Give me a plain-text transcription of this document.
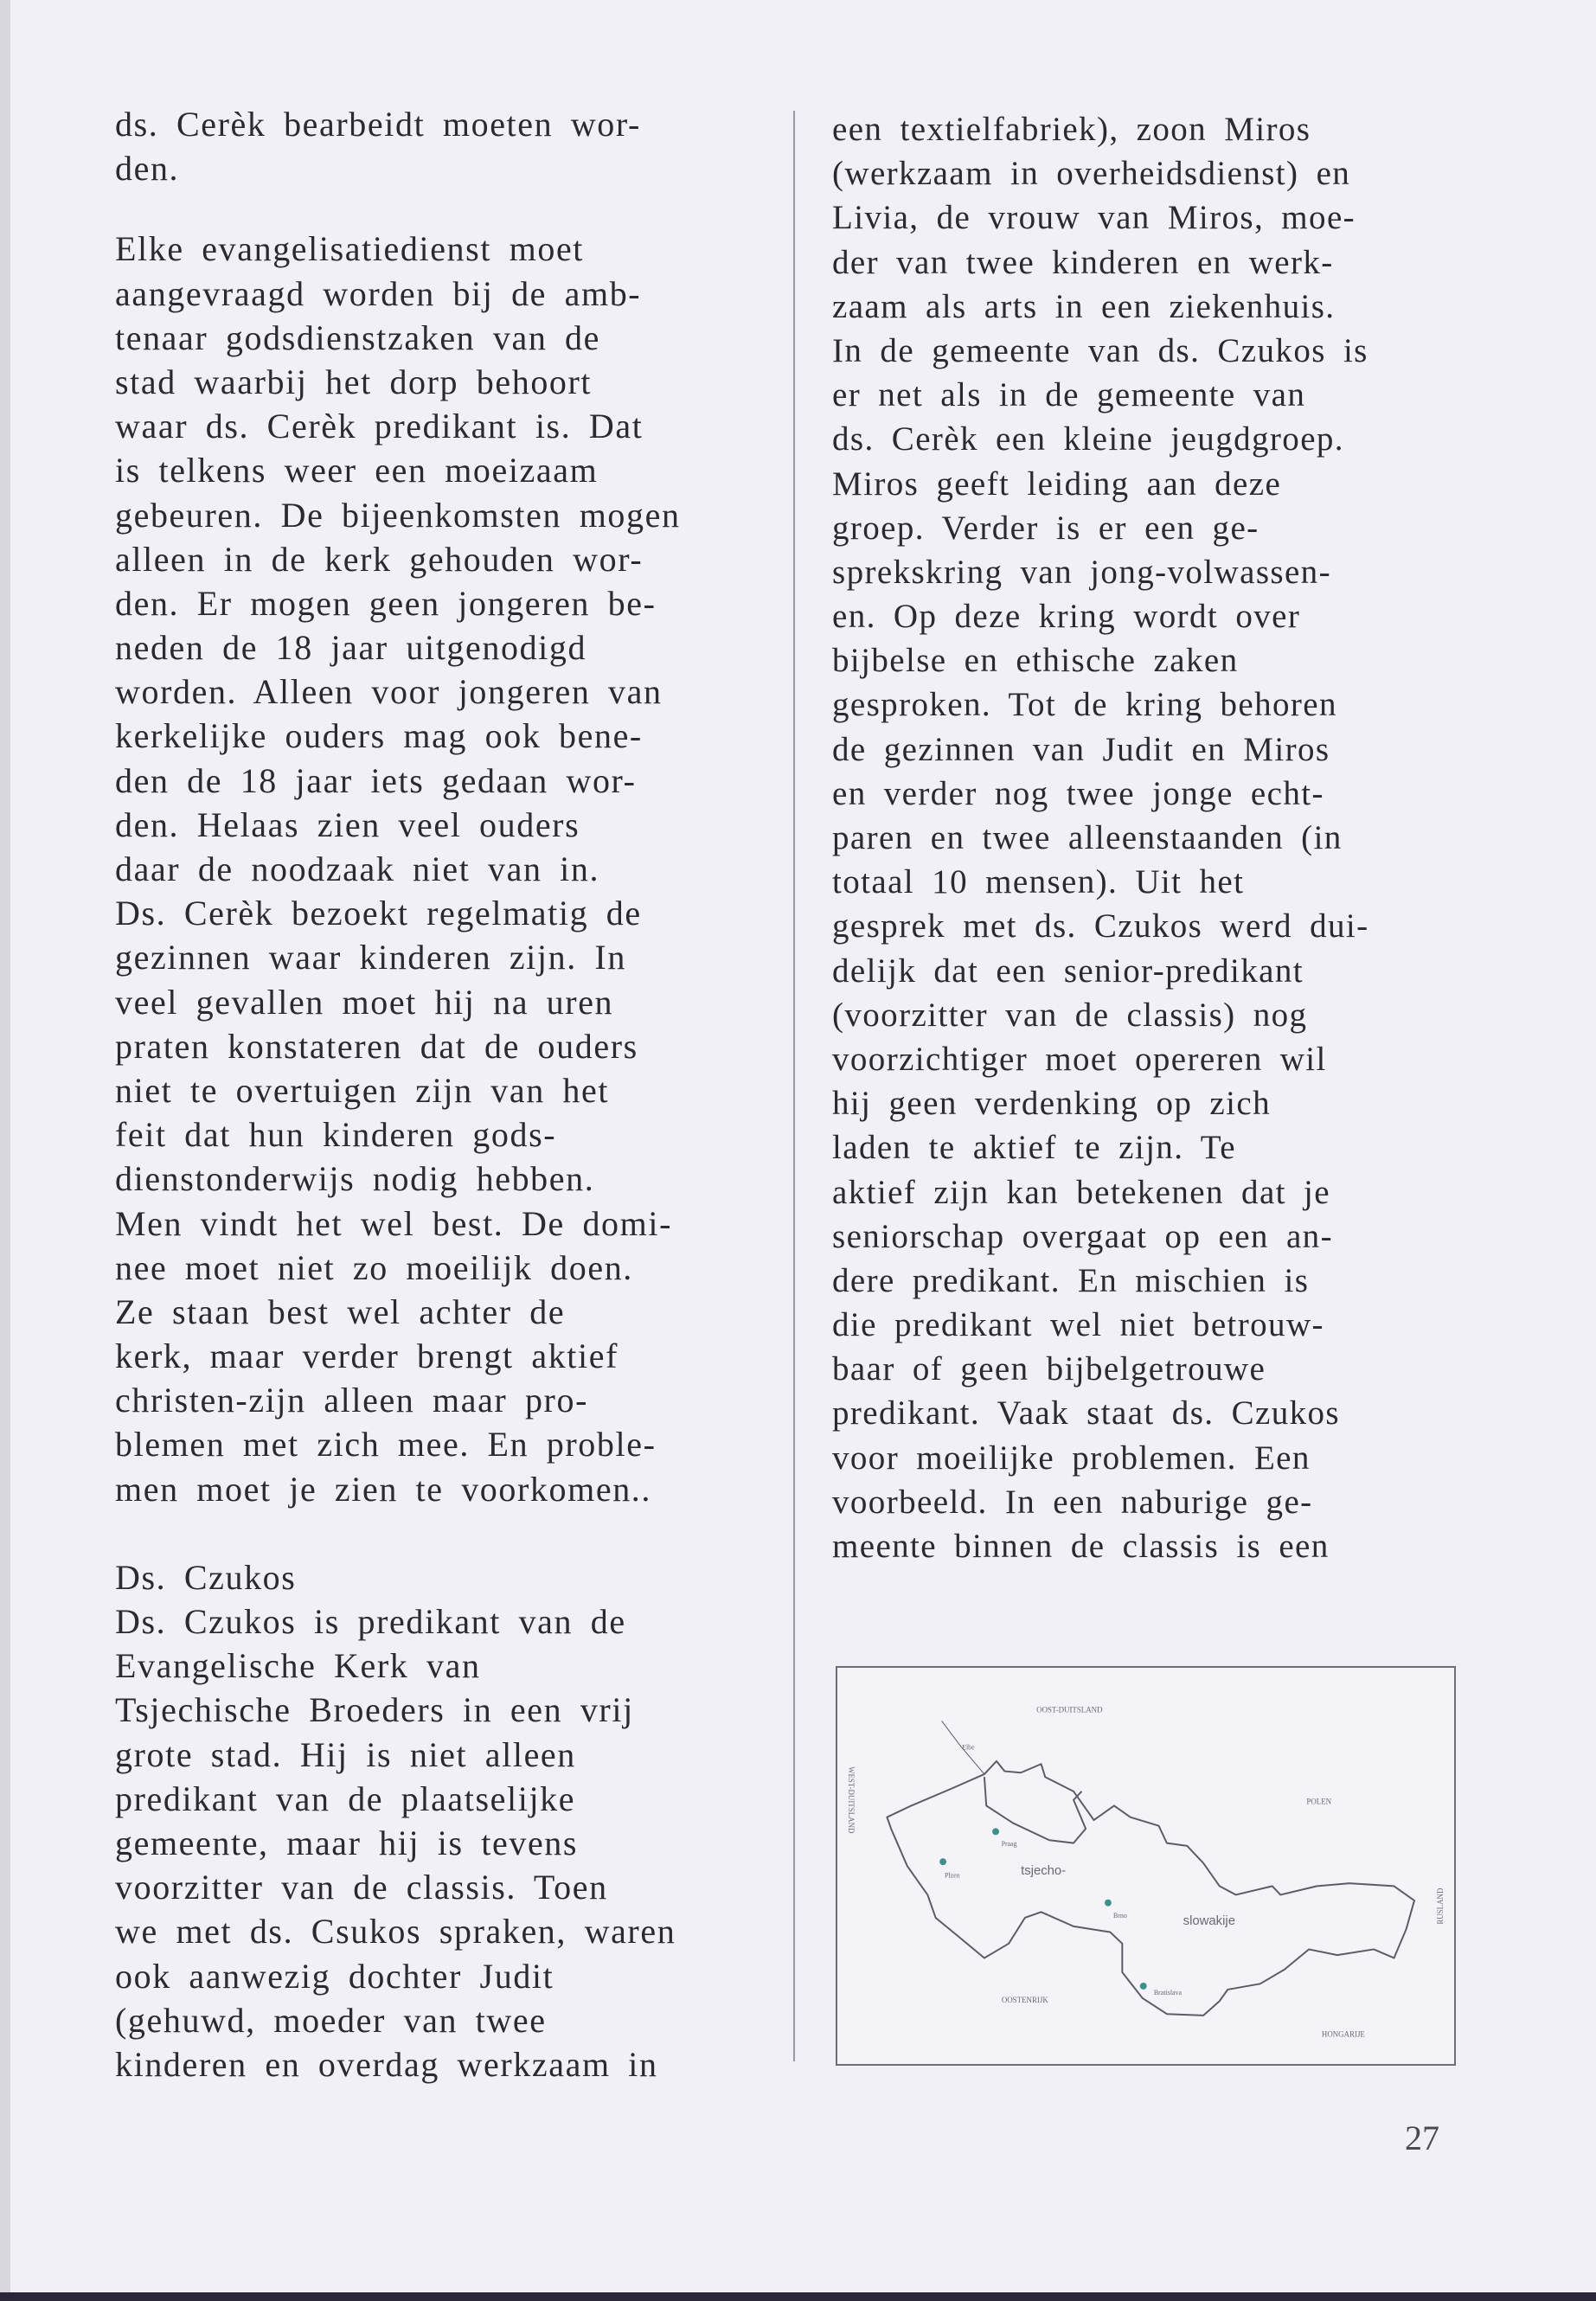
ds. Cerèk bearbeidt moeten wor-
den.
Elke evangelisatiedienst moet
aangevraagd worden bij de amb-
tenaar godsdienstzaken van de
stad waarbij het dorp behoort
waar ds. Cerèk predikant is. Dat
is telkens weer een moeizaam
gebeuren. De bijeenkomsten mogen
alleen in de kerk gehouden wor-
den. Er mogen geen jongeren be-
neden de 18 jaar uitgenodigd
worden. Alleen voor jongeren van
kerkelijke ouders mag ook bene-
den de 18 jaar iets gedaan wor-
den. Helaas zien veel ouders
daar de noodzaak niet van in.
Ds. Cerèk bezoekt regelmatig de
gezinnen waar kinderen zijn. In
veel gevallen moet hij na uren
praten konstateren dat de ouders
niet te overtuigen zijn van het
feit dat hun kinderen gods-
dienstonderwijs nodig hebben.
Men vindt het wel best. De domi-
nee moet niet zo moeilijk doen.
Ze staan best wel achter de
kerk, maar verder brengt aktief
christen-zijn alleen maar pro-
blemen met zich mee. En proble-
men moet je zien te voorkomen..
Ds. Czukos
Ds. Czukos is predikant van de
Evangelische Kerk van
Tsjechische Broeders in een vrij
grote stad. Hij is niet alleen
predikant van de plaatselijke
gemeente, maar hij is tevens
voorzitter van de classis. Toen
we met ds. Csukos spraken, waren
ook aanwezig dochter Judit
(gehuwd, moeder van twee
kinderen en overdag werkzaam in
een textielfabriek), zoon Miros
(werkzaam in overheidsdienst) en
Livia, de vrouw van Miros, moe-
der van twee kinderen en werk-
zaam als arts in een ziekenhuis.
In de gemeente van ds. Czukos is
er net als in de gemeente van
ds. Cerèk een kleine jeugdgroep.
Miros geeft leiding aan deze
groep. Verder is er een ge-
sprekskring van jong-volwassen-
en. Op deze kring wordt over
bijbelse en ethische zaken
gesproken. Tot de kring behoren
de gezinnen van Judit en Miros
en verder nog twee jonge echt-
paren en twee alleenstaanden (in
totaal 10 mensen). Uit het
gesprek met ds. Czukos werd dui-
delijk dat een senior-predikant
(voorzitter van de classis) nog
voorzichtiger moet opereren wil
hij geen verdenking op zich
laden te aktief te zijn. Te
aktief zijn kan betekenen dat je
seniorschap overgaat op een an-
dere predikant. En mischien is
die predikant wel niet betrouw-
baar of geen bijbelgetrouwe
predikant. Vaak staat ds. Czukos
voor moeilijke problemen. Een
voorbeeld. In een naburige ge-
meente binnen de classis is een
OOST-DUITSLAND
POLEN
WEST-DUITSLAND
RUSLAND
OOSTENRIJK
HONGARIJE
Elbe
tsjecho-
slowakije
Praag
Plzen
Brno
Bratislava
27
